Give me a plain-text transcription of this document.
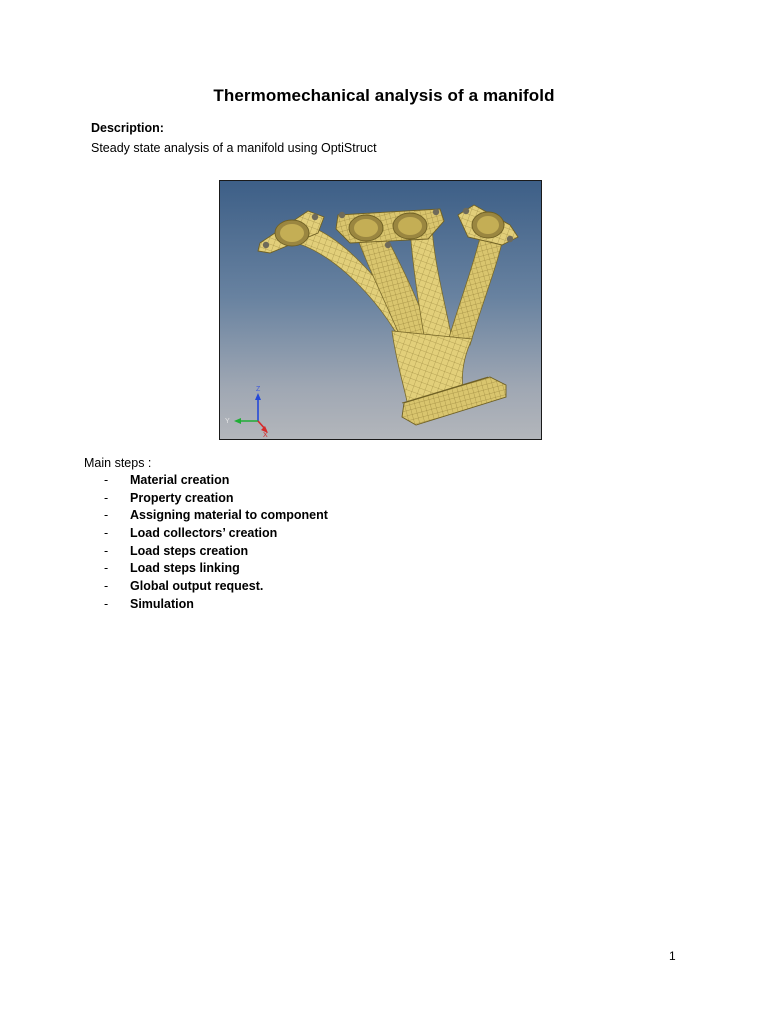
Thermomechanical analysis of a manifold
Description:
Steady state analysis of a manifold using OptiStruct
Z
Y
X
Main steps :
- Material creation
- Property creation
- Assigning material to component
- Load collectors’ creation
- Load steps creation
- Load steps linking
- Global output request.
- Simulation
1
